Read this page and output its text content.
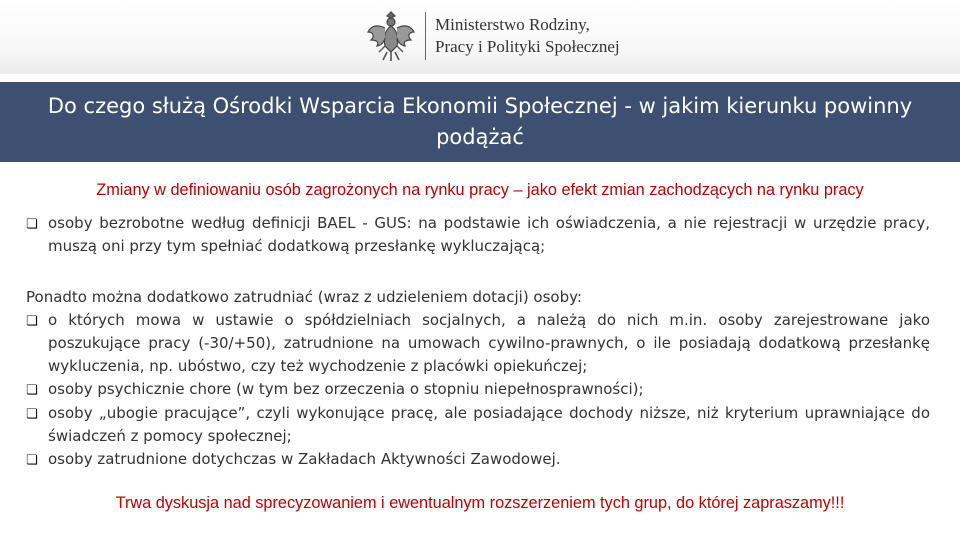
Ministerstwo Rodziny,
Pracy i Polityki Społecznej
Do czego służą Ośrodki Wsparcia Ekonomii Społecznej - w jakim kierunku powinny podążać
Zmiany w definiowaniu osób zagrożonych na rynku pracy – jako efekt zmian zachodzących na rynku pracy
❏ osoby bezrobotne według definicji BAEL - GUS: na podstawie ich oświadczenia, a nie rejestracji w urzędzie pracy, muszą oni przy tym spełniać dodatkową przesłankę wykluczającą;
Ponadto można dodatkowo zatrudniać (wraz z udzieleniem dotacji) osoby:
❏ o których mowa w ustawie o spółdzielniach socjalnych, a należą do nich m.in. osoby zarejestrowane jako poszukujące pracy (-30/+50), zatrudnione na umowach cywilno-prawnych, o ile posiadają dodatkową przesłankę wykluczenia, np. ubóstwo, czy też wychodzenie z placówki opiekuńczej;
❏ osoby psychicznie chore (w tym bez orzeczenia o stopniu niepełnosprawności);
❏ osoby „ubogie pracujące”, czyli wykonujące pracę, ale posiadające dochody niższe, niż kryterium uprawniające do świadczeń z pomocy społecznej;
❏ osoby zatrudnione dotychczas w Zakładach Aktywności Zawodowej.
Trwa dyskusja nad sprecyzowaniem i ewentualnym rozszerzeniem tych grup, do której zapraszamy!!!
